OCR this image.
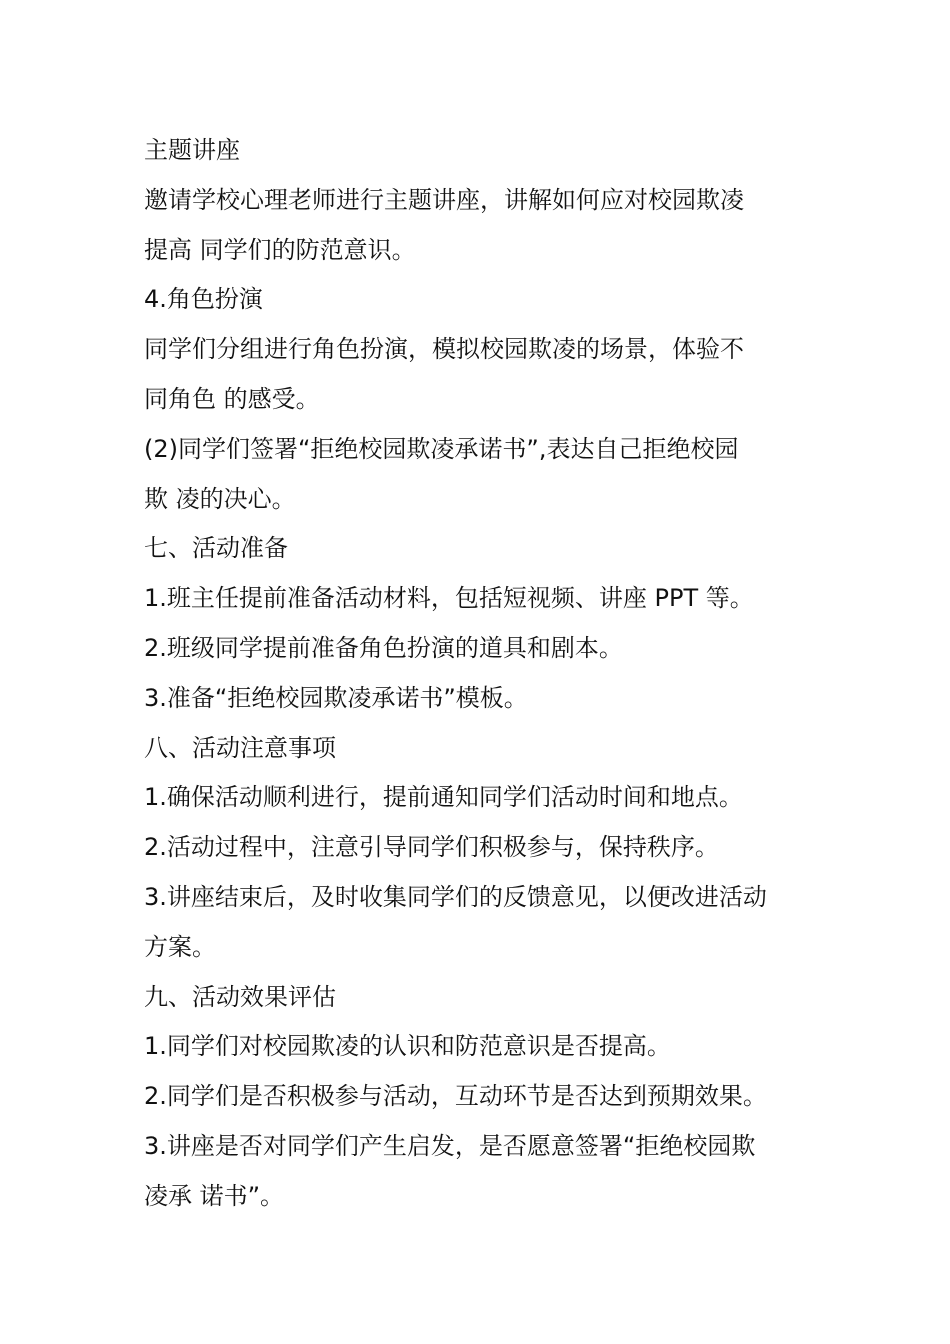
主题讲座
邀请学校心理老师进行主题讲座，讲解如何应对校园欺凌
提高 同学们的防范意识。
4.角色扮演
同学们分组进行角色扮演，模拟校园欺凌的场景，体验不
同角色 的感受。
(2)同学们签署“拒绝校园欺凌承诺书”,表达自己拒绝校园
欺 凌的决心。
七、活动准备
1.班主任提前准备活动材料，包括短视频、讲座 PPT 等。
2.班级同学提前准备角色扮演的道具和剧本。
3.准备“拒绝校园欺凌承诺书”模板。
八、活动注意事项
1.确保活动顺利进行，提前通知同学们活动时间和地点。
2.活动过程中，注意引导同学们积极参与，保持秩序。
3.讲座结束后，及时收集同学们的反馈意见，以便改进活动
方案。
九、活动效果评估
1.同学们对校园欺凌的认识和防范意识是否提高。
2.同学们是否积极参与活动，互动环节是否达到预期效果。
3.讲座是否对同学们产生启发，是否愿意签署“拒绝校园欺
凌承 诺书”。
